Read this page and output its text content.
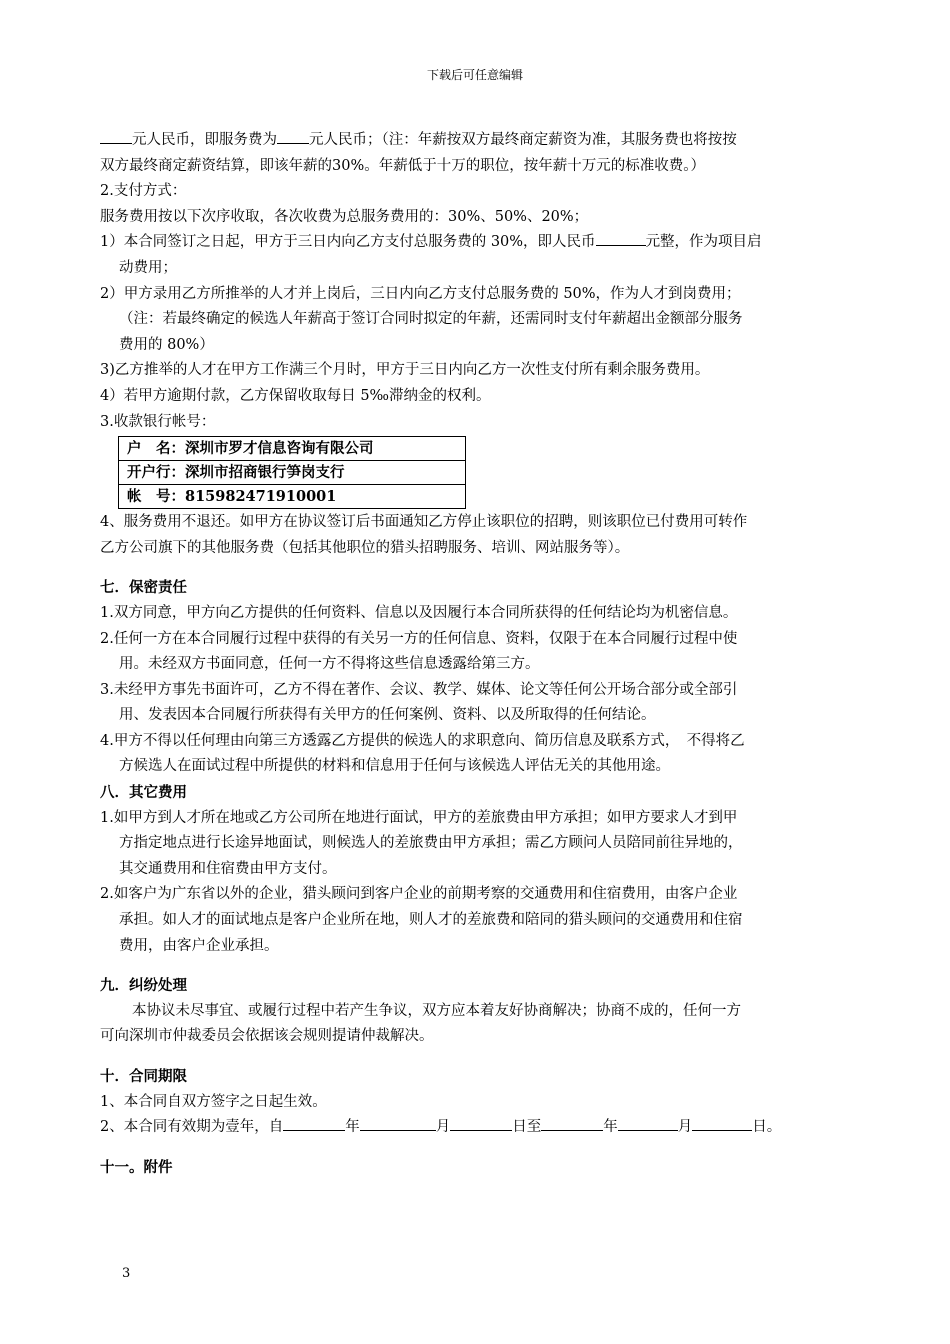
下载后可任意编辑

元人民币，即服务费为 元人民币；（注：年薪按双方最终商定薪资为准，其服务费也将按按

双方最终商定薪资结算，即该年薪的30%。年薪低于十万的职位，按年薪十万元的标准收费。）

2.支付方式：

服务费用按以下次序收取，各次收费为总服务费用的：30%、50%、20%；

1）本合同签订之日起，甲方于三日内向乙方支付总服务费的 30%，即人民币	元整，作为项目启

动费用；

2）甲方录用乙方所推举的人才并上岗后，三日内向乙方支付总服务费的 50%，作为人才到岗费用；

（注：若最终确定的候选人年薪高于签订合同时拟定的年薪，还需同时支付年薪超出金额部分服务

费用的 80%）

3)乙方推举的人才在甲方工作满三个月时，甲方于三日内向乙方一次性支付所有剩余服务费用。

4）若甲方逾期付款，乙方保留收取每日 5‰滞纳金的权利。

3.收款银行帐号：

户　名：深圳市罗才信息咨询有限公司
开户行：深圳市招商银行笋岗支行
帐　号：815982471910001

4、服务费用不退还。如甲方在协议签订后书面通知乙方停止该职位的招聘，则该职位已付费用可转作

乙方公司旗下的其他服务费（包括其他职位的猎头招聘服务、培训、网站服务等）。

七．保密责任

1.双方同意，甲方向乙方提供的任何资料、信息以及因履行本合同所获得的任何结论均为机密信息。

2.任何一方在本合同履行过程中获得的有关另一方的任何信息、资料，仅限于在本合同履行过程中使

用。未经双方书面同意，任何一方不得将这些信息透露给第三方。

3.未经甲方事先书面许可，乙方不得在著作、会议、教学、媒体、论文等任何公开场合部分或全部引

用、发表因本合同履行所获得有关甲方的任何案例、资料、以及所取得的任何结论。

4.甲方不得以任何理由向第三方透露乙方提供的候选人的求职意向、简历信息及联系方式，　不得将乙

方候选人在面试过程中所提供的材料和信息用于任何与该候选人评估无关的其他用途。

八．其它费用

1.如甲方到人才所在地或乙方公司所在地进行面试，甲方的差旅费由甲方承担；如甲方要求人才到甲

方指定地点进行长途异地面试，则候选人的差旅费由甲方承担；需乙方顾问人员陪同前往异地的，

其交通费用和住宿费由甲方支付。

2.如客户为广东省以外的企业，猎头顾问到客户企业的前期考察的交通费用和住宿费用，由客户企业

承担。如人才的面试地点是客户企业所在地，则人才的差旅费和陪同的猎头顾问的交通费用和住宿

费用，由客户企业承担。

九．纠纷处理

本协议未尽事宜、或履行过程中若产生争议，双方应本着友好协商解决；协商不成的，任何一方

可向深圳市仲裁委员会依据该会规则提请仲裁解决。

十．合同期限

1、本合同自双方签字之日起生效。

2、本合同有效期为壹年，自	年	月	日至	年	月	日。

十一。附件

3
